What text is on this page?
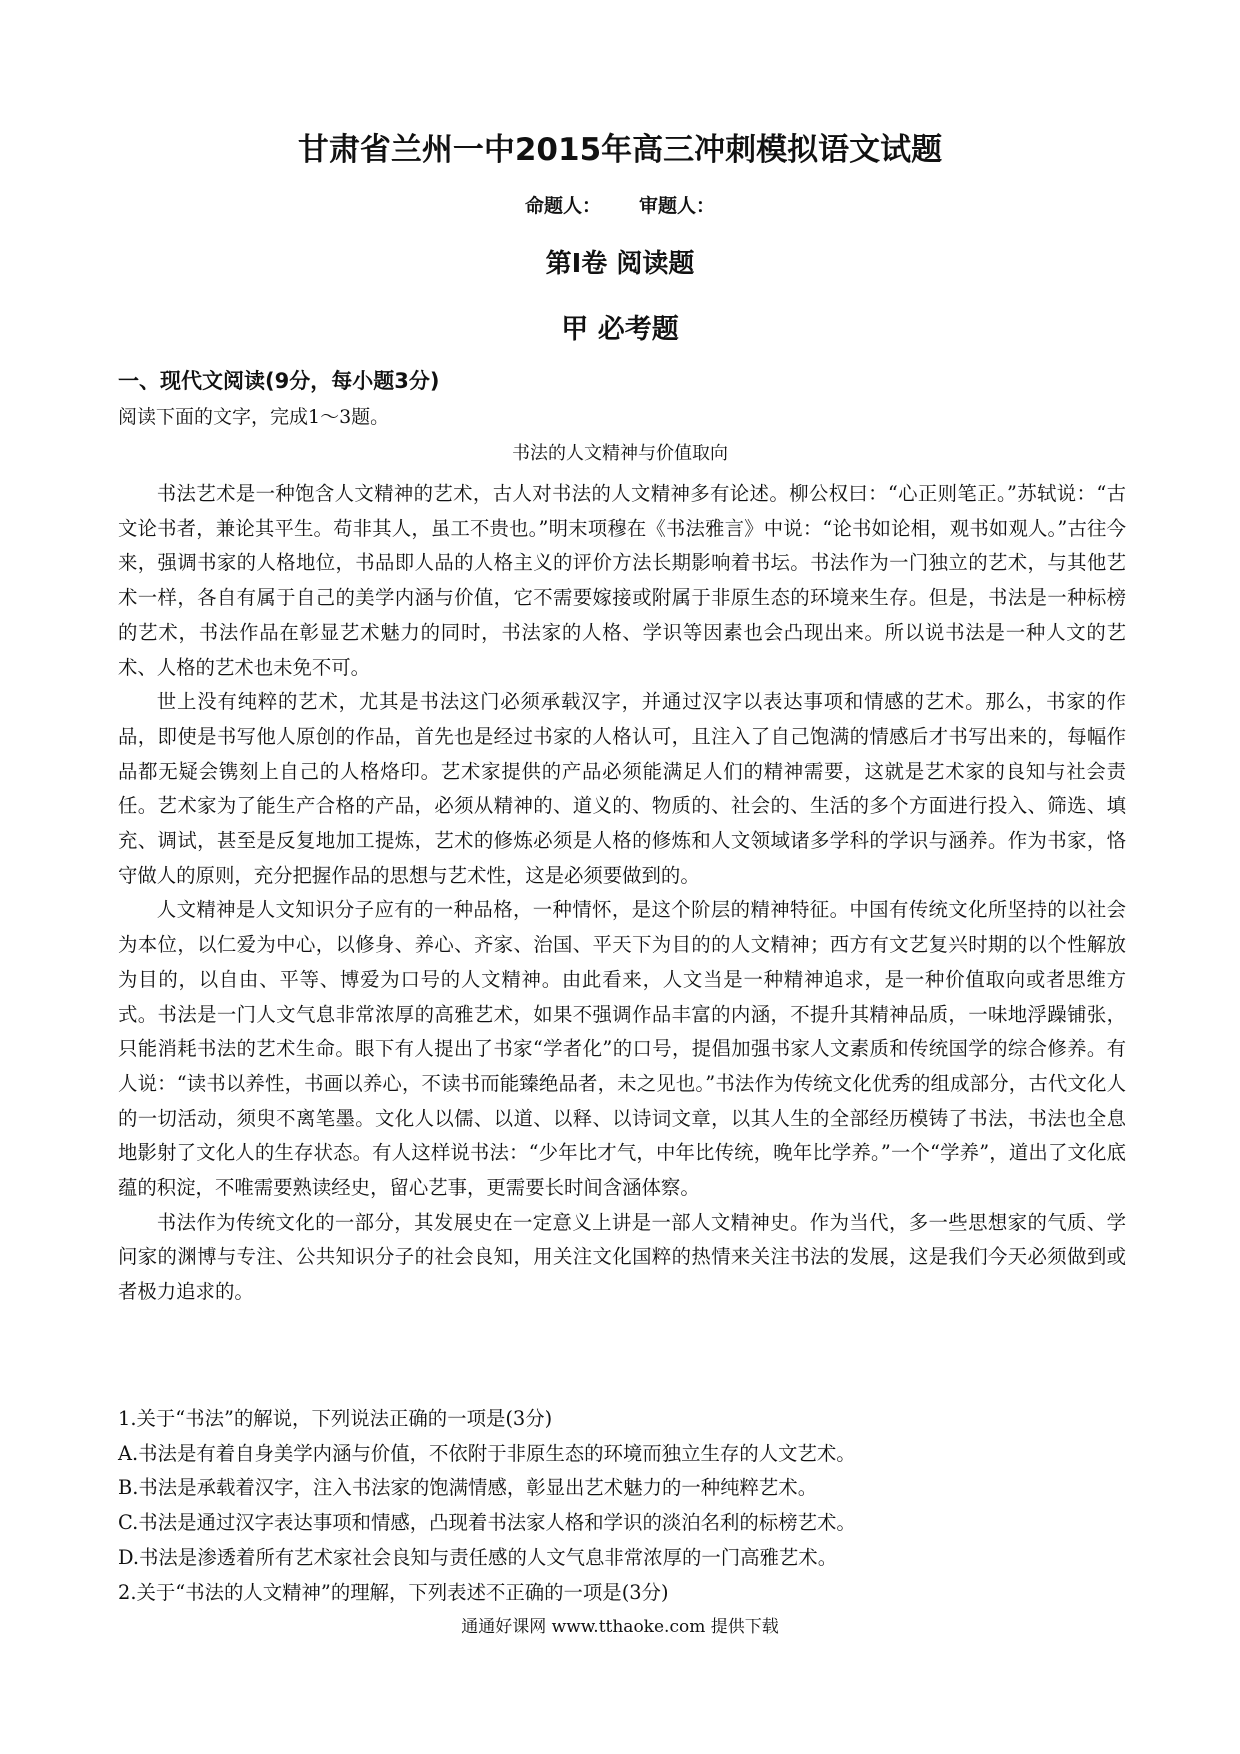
甘肃省兰州一中2015年高三冲刺模拟语文试题
命题人： 审题人：
第Ⅰ卷 阅读题
甲 必考题
一、现代文阅读(9分，每小题3分)
阅读下面的文字，完成1～3题。
书法的人文精神与价值取向

书法艺术是一种饱含人文精神的艺术，古人对书法的人文精神多有论述。柳公权曰：“心正则笔正。”苏轼说：“古文论书者，兼论其平生。苟非其人，虽工不贵也。”明末项穆在《书法雅言》中说：“论书如论相，观书如观人。”古往今来，强调书家的人格地位，书品即人品的人格主义的评价方法长期影响着书坛。书法作为一门独立的艺术，与其他艺术一样，各自有属于自己的美学内涵与价值，它不需要嫁接或附属于非原生态的环境来生存。但是，书法是一种标榜的艺术，书法作品在彰显艺术魅力的同时，书法家的人格、学识等因素也会凸现出来。所以说书法是一种人文的艺术、人格的艺术也未免不可。

世上没有纯粹的艺术，尤其是书法这门必须承载汉字，并通过汉字以表达事项和情感的艺术。那么，书家的作品，即使是书写他人原创的作品，首先也是经过书家的人格认可，且注入了自己饱满的情感后才书写出来的，每幅作品都无疑会镌刻上自己的人格烙印。艺术家提供的产品必须能满足人们的精神需要，这就是艺术家的良知与社会责任。艺术家为了能生产合格的产品，必须从精神的、道义的、物质的、社会的、生活的多个方面进行投入、筛选、填充、调试，甚至是反复地加工提炼，艺术的修炼必须是人格的修炼和人文领域诸多学科的学识与涵养。作为书家，恪守做人的原则，充分把握作品的思想与艺术性，这是必须要做到的。

人文精神是人文知识分子应有的一种品格，一种情怀，是这个阶层的精神特征。中国有传统文化所坚持的以社会为本位，以仁爱为中心，以修身、养心、齐家、治国、平天下为目的的人文精神；西方有文艺复兴时期的以个性解放为目的，以自由、平等、博爱为口号的人文精神。由此看来，人文当是一种精神追求，是一种价值取向或者思维方式。书法是一门人文气息非常浓厚的高雅艺术，如果不强调作品丰富的内涵，不提升其精神品质，一味地浮躁铺张，只能消耗书法的艺术生命。眼下有人提出了书家“学者化”的口号，提倡加强书家人文素质和传统国学的综合修养。有人说：“读书以养性，书画以养心，不读书而能臻绝品者，未之见也。”书法作为传统文化优秀的组成部分，古代文化人的一切活动，须臾不离笔墨。文化人以儒、以道、以释、以诗词文章，以其人生的全部经历模铸了书法，书法也全息地影射了文化人的生存状态。有人这样说书法：“少年比才气，中年比传统，晚年比学养。”一个“学养”，道出了文化底蕴的积淀，不唯需要熟读经史，留心艺事，更需要长时间含涵体察。

书法作为传统文化的一部分，其发展史在一定意义上讲是一部人文精神史。作为当代，多一些思想家的气质、学问家的渊博与专注、公共知识分子的社会良知，用关注文化国粹的热情来关注书法的发展，这是我们今天必须做到或者极力追求的。

1.关于“书法”的解说，下列说法正确的一项是(3分)
A.书法是有着自身美学内涵与价值，不依附于非原生态的环境而独立生存的人文艺术。
B.书法是承载着汉字，注入书法家的饱满情感，彰显出艺术魅力的一种纯粹艺术。
C.书法是通过汉字表达事项和情感，凸现着书法家人格和学识的淡泊名利的标榜艺术。
D.书法是渗透着所有艺术家社会良知与责任感的人文气息非常浓厚的一门高雅艺术。
2.关于“书法的人文精神”的理解，下列表述不正确的一项是(3分)
通通好课网 www.tthaoke.com 提供下载
